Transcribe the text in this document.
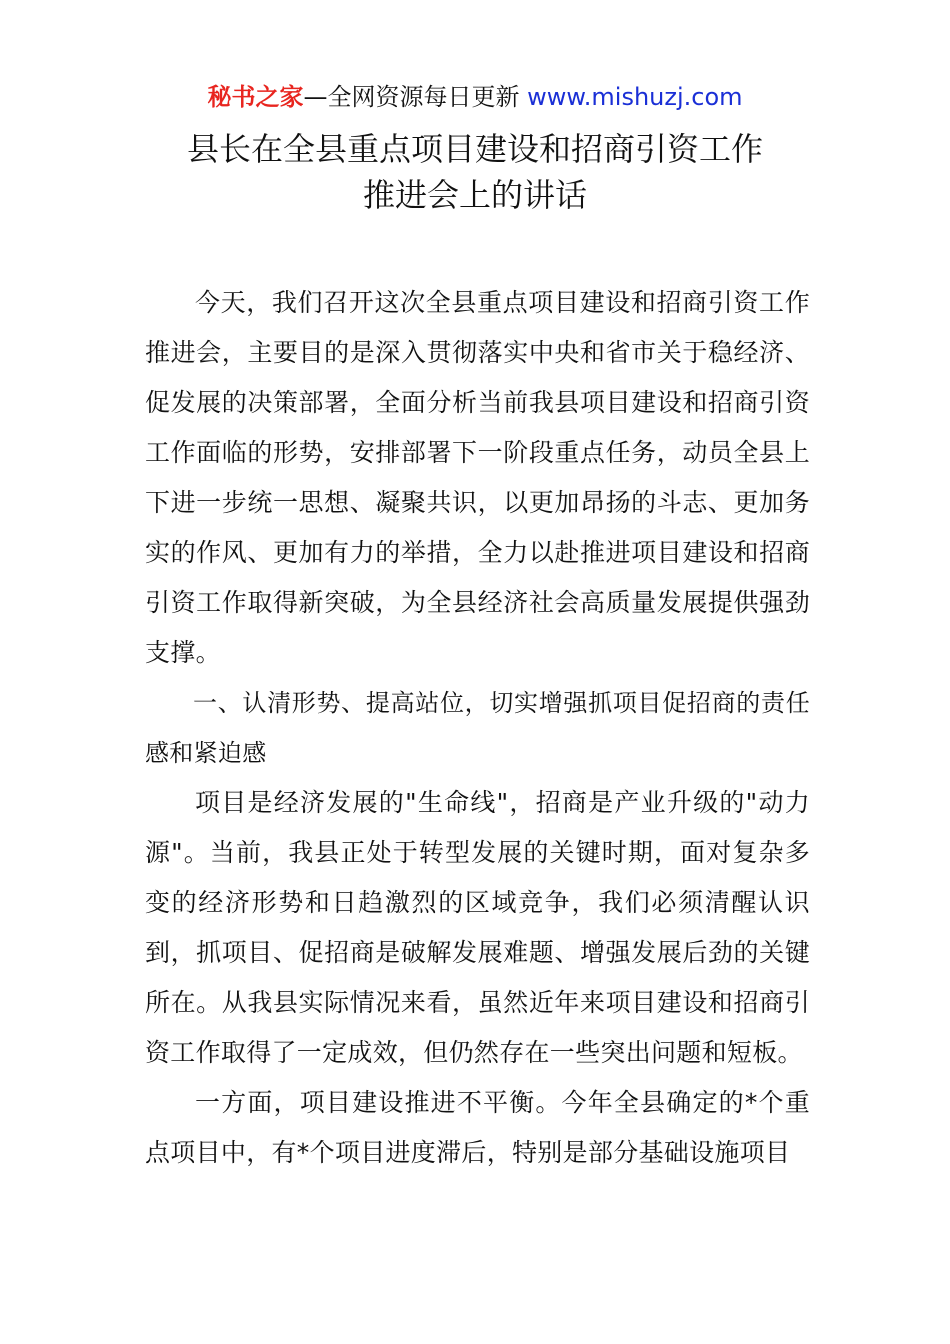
秘书之家—全网资源每日更新 www.mishuzj.com
县长在全县重点项目建设和招商引资工作
推进会上的讲话

今天，我们召开这次全县重点项目建设和招商引资工作推进会，主要目的是深入贯彻落实中央和省市关于稳经济、促发展的决策部署，全面分析当前我县项目建设和招商引资工作面临的形势，安排部署下一阶段重点任务，动员全县上下进一步统一思想、凝聚共识，以更加昂扬的斗志、更加务实的作风、更加有力的举措，全力以赴推进项目建设和招商引资工作取得新突破，为全县经济社会高质量发展提供强劲支撑。

一、认清形势、提高站位，切实增强抓项目促招商的责任感和紧迫感

项目是经济发展的"生命线"，招商是产业升级的"动力源"。当前，我县正处于转型发展的关键时期，面对复杂多变的经济形势和日趋激烈的区域竞争，我们必须清醒认识到，抓项目、促招商是破解发展难题、增强发展后劲的关键所在。从我县实际情况来看，虽然近年来项目建设和招商引资工作取得了一定成效，但仍然存在一些突出问题和短板。

一方面，项目建设推进不平衡。今年全县确定的*个重点项目中，有*个项目进度滞后，特别是部分基础设施项目
